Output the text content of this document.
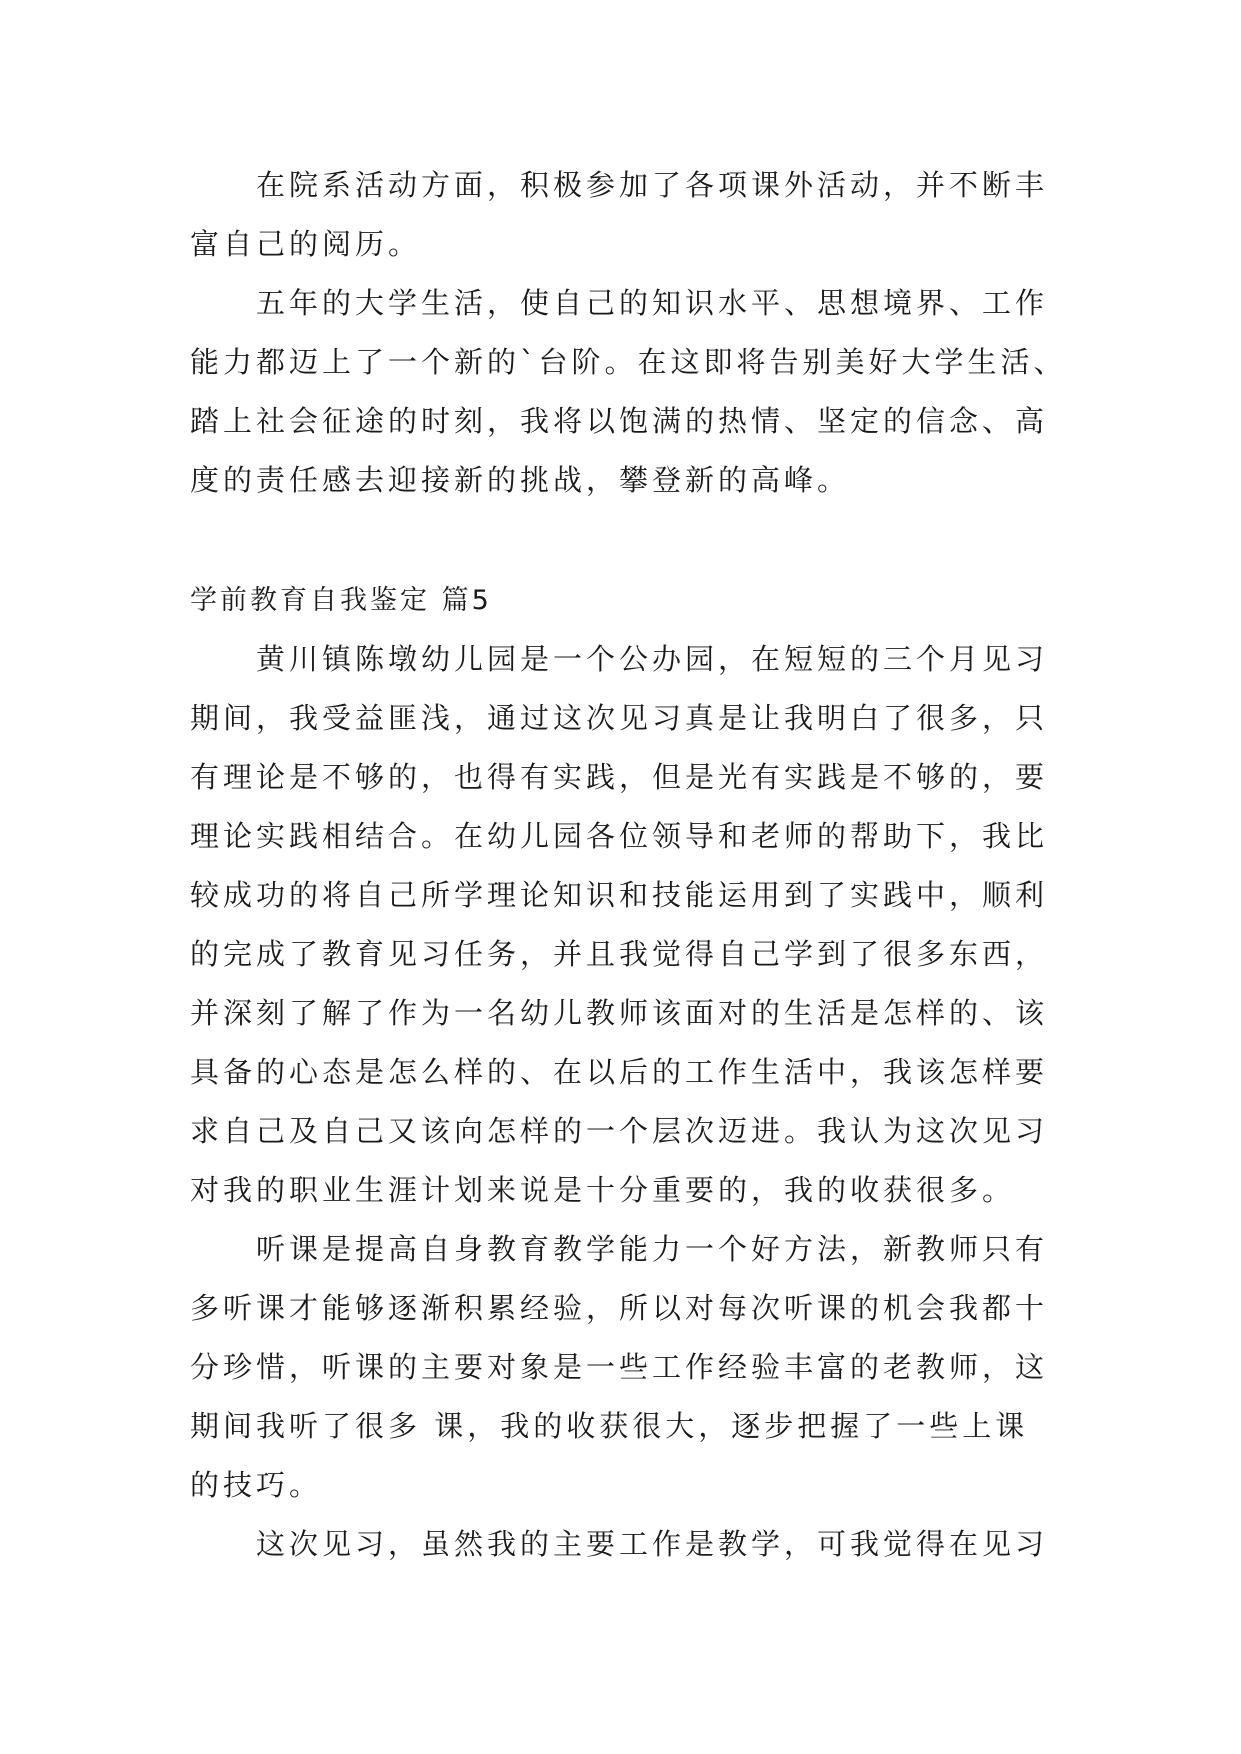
在院系活动方面，积极参加了各项课外活动，并不断丰
富自己的阅历。
五年的大学生活，使自己的知识水平、思想境界、工作
能力都迈上了一个新的`台阶。在这即将告别美好大学生活、
踏上社会征途的时刻，我将以饱满的热情、坚定的信念、高
度的责任感去迎接新的挑战，攀登新的高峰。
学前教育自我鉴定 篇5
黄川镇陈墩幼儿园是一个公办园，在短短的三个月见习
期间，我受益匪浅，通过这次见习真是让我明白了很多，只
有理论是不够的，也得有实践，但是光有实践是不够的，要
理论实践相结合。在幼儿园各位领导和老师的帮助下，我比
较成功的将自己所学理论知识和技能运用到了实践中，顺利
的完成了教育见习任务，并且我觉得自己学到了很多东西，
并深刻了解了作为一名幼儿教师该面对的生活是怎样的、该
具备的心态是怎么样的、在以后的工作生活中，我该怎样要
求自己及自己又该向怎样的一个层次迈进。我认为这次见习
对我的职业生涯计划来说是十分重要的，我的收获很多。
听课是提高自身教育教学能力一个好方法，新教师只有
多听课才能够逐渐积累经验，所以对每次听课的机会我都十
分珍惜，听课的主要对象是一些工作经验丰富的老教师，这
期间我听了很多 课，我的收获很大，逐步把握了一些上课
的技巧。
这次见习，虽然我的主要工作是教学，可我觉得在见习
